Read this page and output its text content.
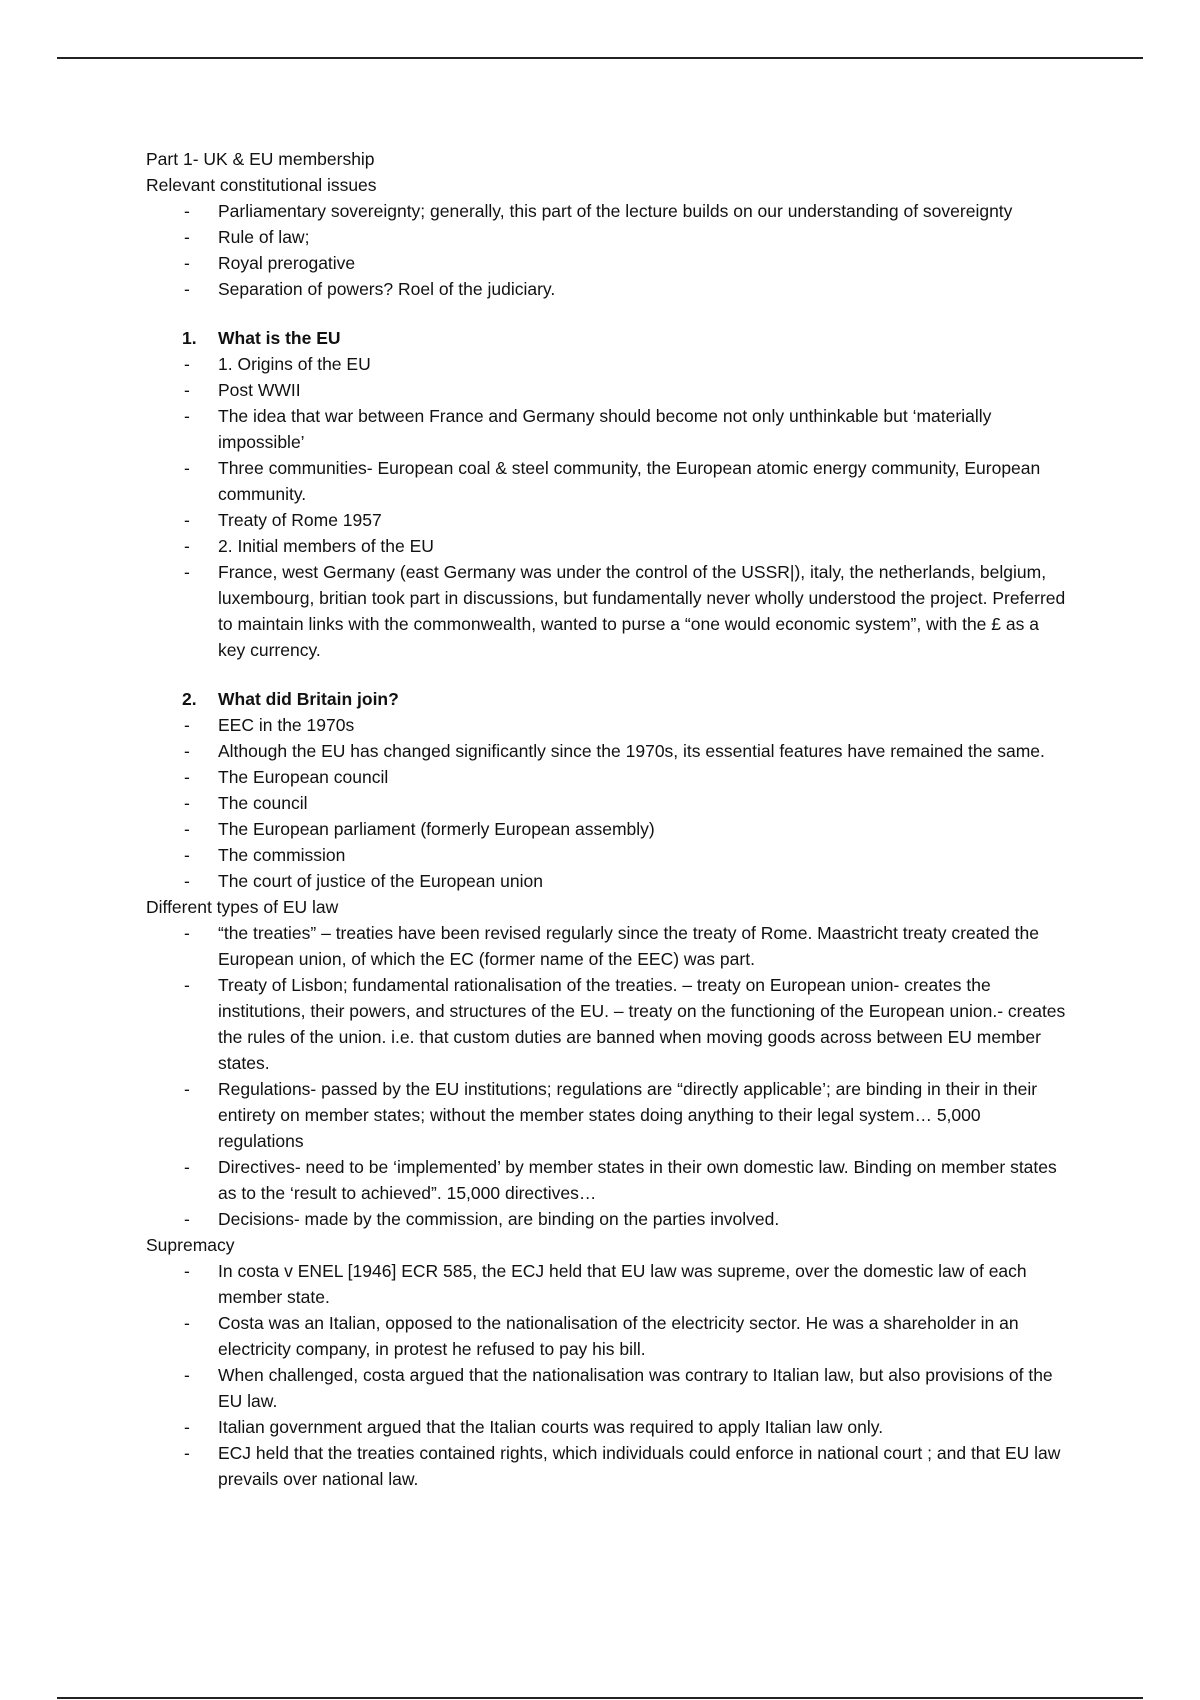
Part 1- UK & EU membership

Relevant constitutional issues

-	Parliamentary sovereignty; generally, this part of the lecture builds on our understanding of sovereignty

-	Rule of law;

-	Royal prerogative

-	Separation of powers? Roel of the judiciary.

1. What is the EU

-	1. Origins of the EU

-	Post WWII

-	The idea that war between France and Germany should become not only unthinkable but ‘materially impossible’

-	Three communities- European coal & steel community, the European atomic energy community, European community.

-	Treaty of Rome 1957

-	2. Initial members of the EU

-	France, west Germany (east Germany was under the control of the USSR|), italy, the netherlands, belgium, luxembourg, britian took part in discussions, but fundamentally never wholly understood the project. Preferred to maintain links with the commonwealth, wanted to purse a “one would economic system”, with the £ as a key currency.

2. What did Britain join?

-	EEC in the 1970s

-	Although the EU has changed significantly since the 1970s, its essential features have remained the same.

-	The European council

-	The council

-	The European parliament (formerly European assembly)

-	The commission

-	The court of justice of the European union

Different types of EU law

-	“the treaties” – treaties have been revised regularly since the treaty of Rome. Maastricht treaty created the European union, of which the EC (former name of the EEC) was part.

-	Treaty of Lisbon; fundamental rationalisation of the treaties. – treaty on European union- creates the institutions, their powers, and structures of the EU. – treaty on the functioning of the European union.- creates the rules of the union. i.e. that custom duties are banned when moving goods across between EU member states.

-	Regulations- passed by the EU institutions; regulations are “directly applicable’; are binding in their in their entirety on member states; without the member states doing anything to their legal system… 5,000 regulations

-	Directives- need to be ‘implemented’ by member states in their own domestic law. Binding on member states as to the ‘result to achieved”. 15,000 directives…

-	Decisions- made by the commission, are binding on the parties involved.

Supremacy

-	In costa v ENEL [1946] ECR 585, the ECJ held that EU law was supreme, over the domestic law of each member state.

-	Costa was an Italian, opposed to the nationalisation of the electricity sector. He was a shareholder in an electricity company, in protest he refused to pay his bill.

-	When challenged, costa argued that the nationalisation was contrary to Italian law, but also provisions of the EU law.

-	Italian government argued that the Italian courts was required to apply Italian law only.

-	ECJ held that the treaties contained rights, which individuals could enforce in national court ; and that EU law prevails over national law.
